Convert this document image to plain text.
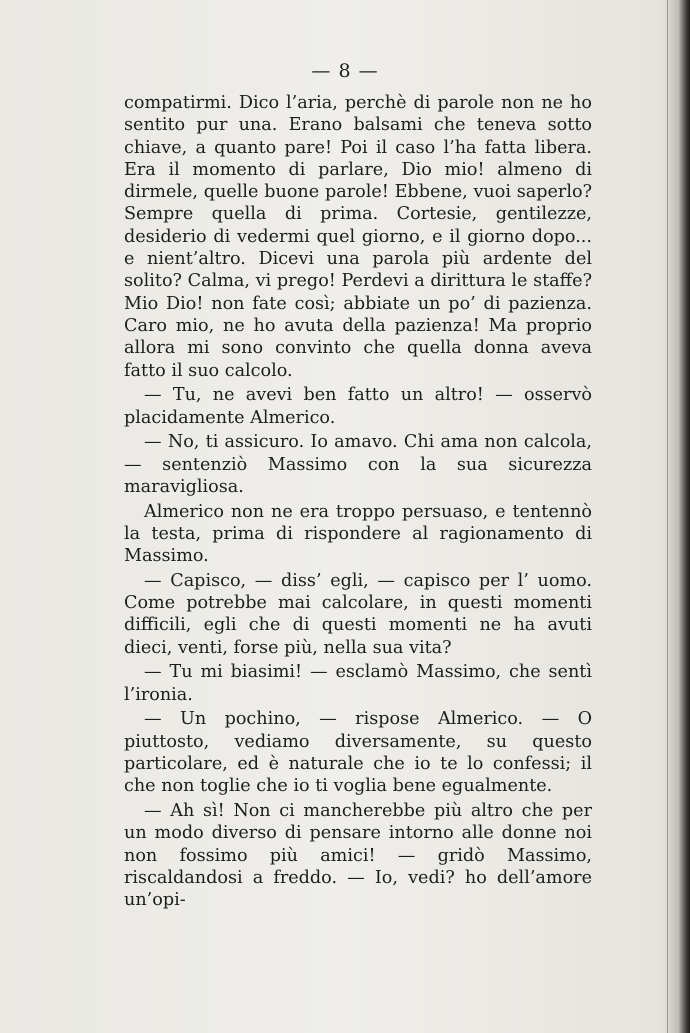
— 8 —

compatirmi. Dico l’aria, perchè di parole non ne ho sentito pur una. Erano balsami che teneva sotto chiave, a quanto pare! Poi il caso l’ha fatta libera. Era il momento di parlare, Dio mio! almeno di dirmele, quelle buone parole! Ebbene, vuoi saperlo? Sempre quella di prima. Cortesie, gentilezze, desiderio di vedermi quel giorno, e il giorno dopo... e nient’altro. Dicevi una parola più ardente del solito? Calma, vi prego! Perdevi a dirittura le staffe? Mio Dio! non fate così; abbiate un po’ di pazienza. Caro mio, ne ho avuta della pazienza! Ma proprio allora mi sono convinto che quella donna aveva fatto il suo calcolo.

— Tu, ne avevi ben fatto un altro! — osservò placidamente Almerico.

— No, ti assicuro. Io amavo. Chi ama non calcola, — sentenziò Massimo con la sua sicurezza maravigliosa.

Almerico non ne era troppo persuaso, e tentennò la testa, prima di rispondere al ragionamento di Massimo.

— Capisco, — diss’ egli, — capisco per l’ uomo. Come potrebbe mai calcolare, in questi momenti difficili, egli che di questi momenti ne ha avuti dieci, venti, forse più, nella sua vita?

— Tu mi biasimi! — esclamò Massimo, che sentì l’ironia.

— Un pochino, — rispose Almerico. — O piuttosto, vediamo diversamente, su questo particolare, ed è naturale che io te lo confessi; il che non toglie che io ti voglia bene egualmente.

— Ah sì! Non ci mancherebbe più altro che per un modo diverso di pensare intorno alle donne noi non fossimo più amici! — gridò Massimo, riscaldandosi a freddo. — Io, vedi? ho dell’amore un’opi-
